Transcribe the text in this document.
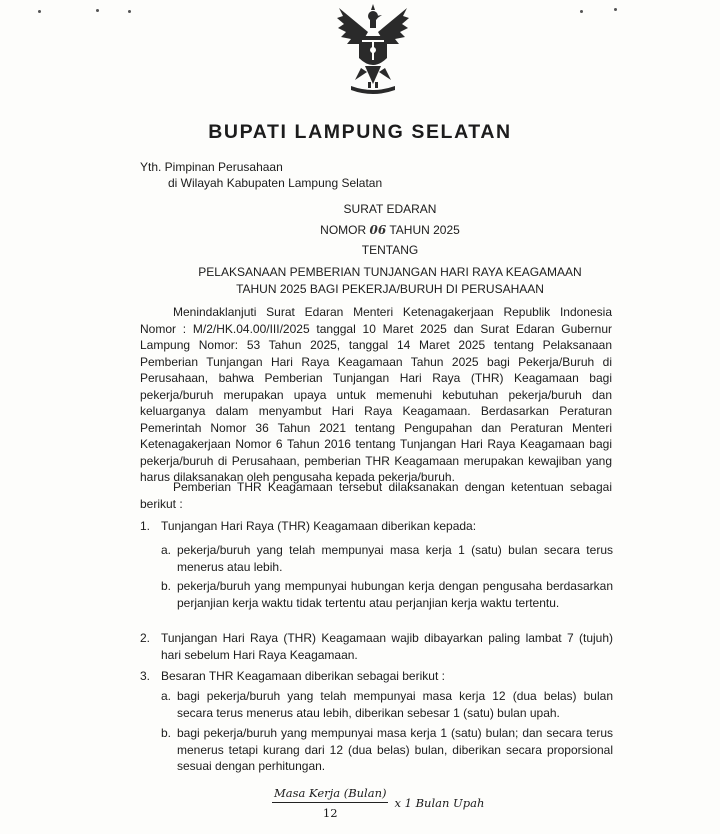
BUPATI LAMPUNG SELATAN
Yth. Pimpinan Perusahaan
di Wilayah Kabupaten Lampung Selatan
SURAT EDARAN
NOMOR 06 TAHUN 2025
TENTANG
PELAKSANAAN PEMBERIAN TUNJANGAN HARI RAYA KEAGAMAAN
TAHUN 2025 BAGI PEKERJA/BURUH DI PERUSAHAAN
Menindaklanjuti Surat Edaran Menteri Ketenagakerjaan Republik Indonesia Nomor : M/2/HK.04.00/III/2025 tanggal 10 Maret 2025 dan Surat Edaran Gubernur Lampung Nomor: 53 Tahun 2025, tanggal 14 Maret 2025 tentang Pelaksanaan Pemberian Tunjangan Hari Raya Keagamaan Tahun 2025 bagi Pekerja/Buruh di Perusahaan, bahwa Pemberian Tunjangan Hari Raya (THR) Keagamaan bagi pekerja/buruh merupakan upaya untuk memenuhi kebutuhan pekerja/buruh dan keluarganya dalam menyambut Hari Raya Keagamaan. Berdasarkan Peraturan Pemerintah Nomor 36 Tahun 2021 tentang Pengupahan dan Peraturan Menteri Ketenagakerjaan Nomor 6 Tahun 2016 tentang Tunjangan Hari Raya Keagamaan bagi pekerja/buruh di Perusahaan, pemberian THR Keagamaan merupakan kewajiban yang harus dilaksanakan oleh pengusaha kepada pekerja/buruh.
Pemberian THR Keagamaan tersebut dilaksanakan dengan ketentuan sebagai berikut :
1. Tunjangan Hari Raya (THR) Keagamaan diberikan kepada:
a. pekerja/buruh yang telah mempunyai masa kerja 1 (satu) bulan secara terus menerus atau lebih.
b. pekerja/buruh yang mempunyai hubungan kerja dengan pengusaha berdasarkan perjanjian kerja waktu tidak tertentu atau perjanjian kerja waktu tertentu.
2. Tunjangan Hari Raya (THR) Keagamaan wajib dibayarkan paling lambat 7 (tujuh) hari sebelum Hari Raya Keagamaan.
3. Besaran THR Keagamaan diberikan sebagai berikut :
a. bagi pekerja/buruh yang telah mempunyai masa kerja 12 (dua belas) bulan secara terus menerus atau lebih, diberikan sebesar 1 (satu) bulan upah.
b. bagi pekerja/buruh yang mempunyai masa kerja 1 (satu) bulan; dan secara terus menerus tetapi kurang dari 12 (dua belas) bulan, diberikan secara proporsional sesuai dengan perhitungan.
$\frac{\text{Masa Kerja (Bulan)}}{12}$ x 1 Bulan Upah
